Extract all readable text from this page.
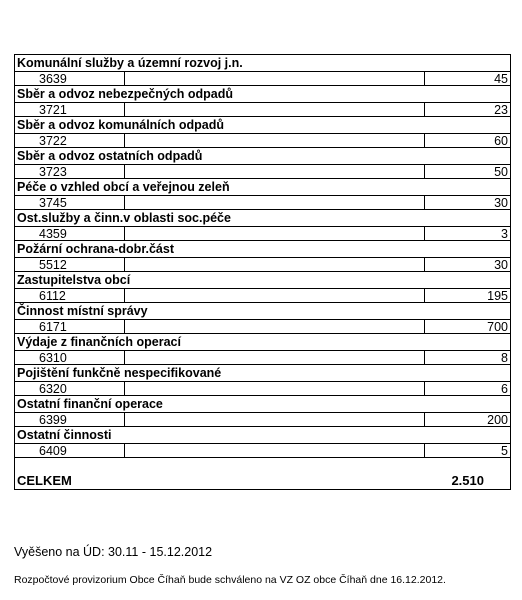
Komunální služby a územní rozvoj j.n.
3639	45
Sběr a odvoz nebezpečných odpadů
3721	23
Sběr a odvoz komunálních odpadů
3722	60
Sběr a odvoz ostatních odpadů
3723	50
Péče o vzhled obcí a veřejnou zeleň
3745	30
Ost.služby a činn.v oblasti soc.péče
4359	3
Požární ochrana-dobr.část
5512	30
Zastupitelstva obcí
6112	195
Činnost místní správy
6171	700
Výdaje z finančních operací
6310	8
Pojištění funkčně nespecifikované
6320	6
Ostatní finanční operace
6399	200
Ostatní činnosti
6409	5
CELKEM	2.510
Vyěšeno na ÚD: 30.11 - 15.12.2012
Rozpočtové provizorium Obce Číhaň bude schváleno na VZ OZ obce Číhaň dne 16.12.2012.
